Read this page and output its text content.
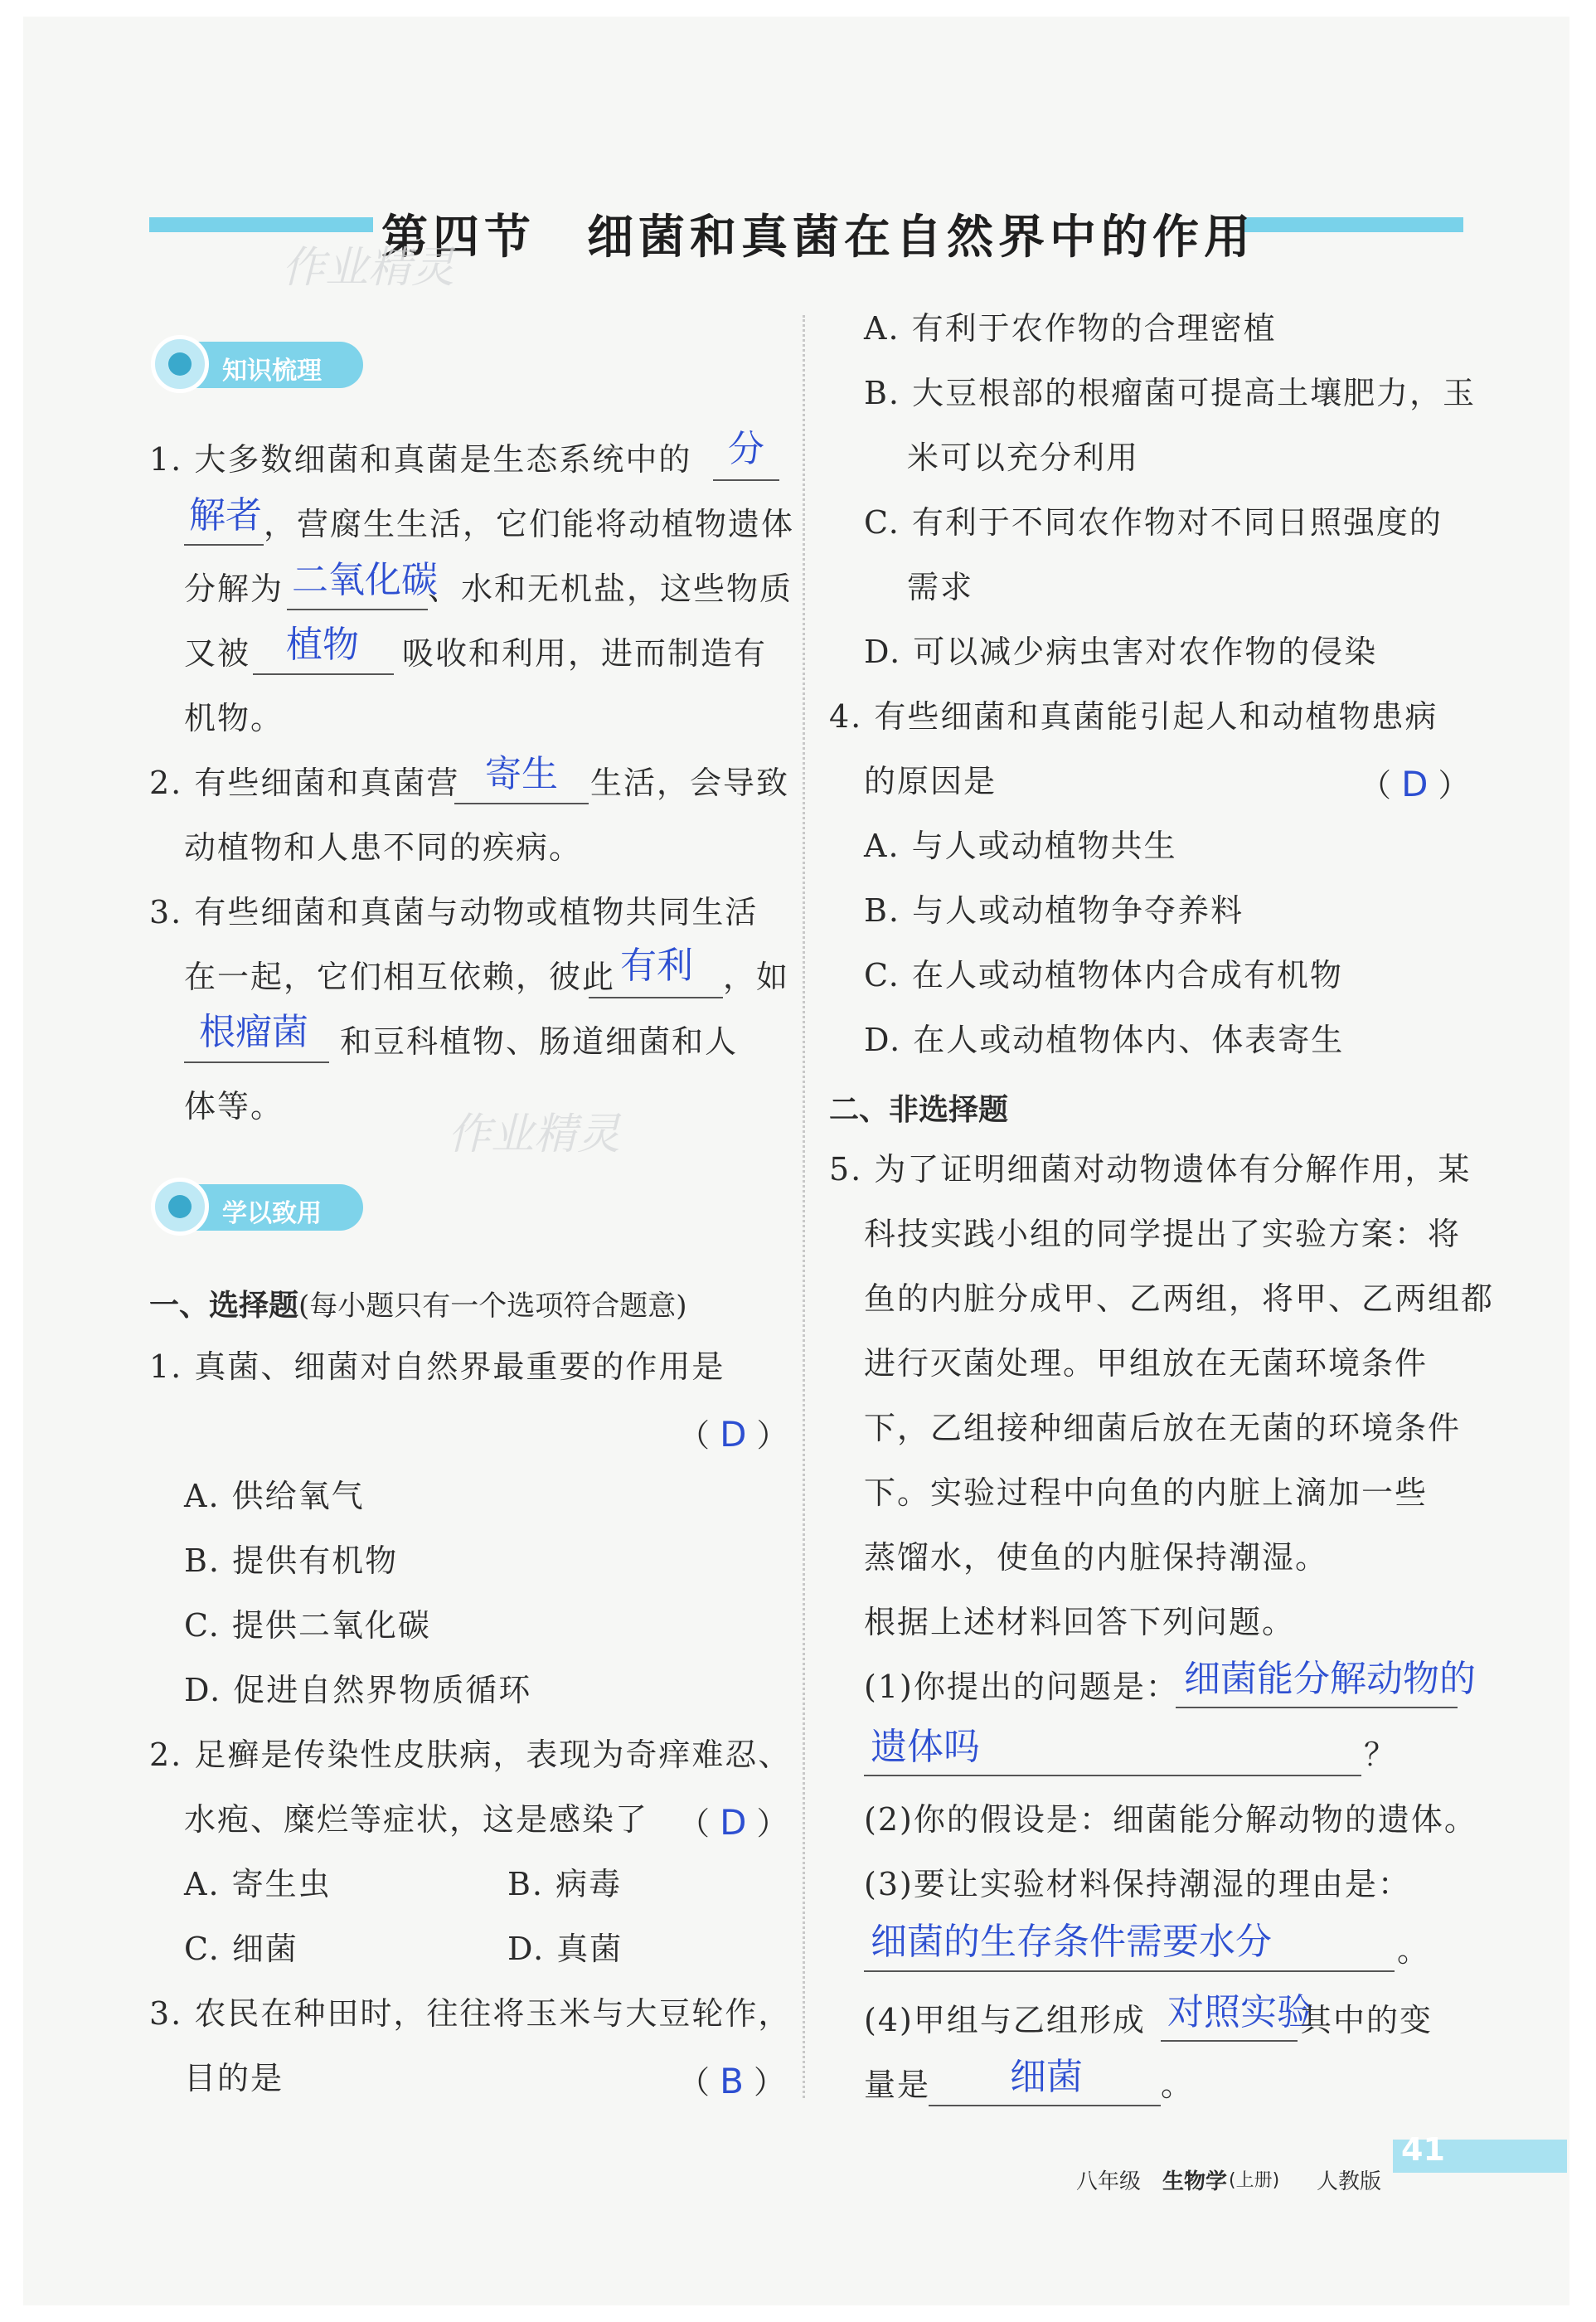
第四节　细菌和真菌在自然界中的作用
作业精灵
知识梳理
1. 大多数细菌和真菌是生态系统中的 分
解者 ，营腐生生活，它们能将动植物遗体
分解为 二氧化碳
、水和无机盐，这些物质
又被 植物 吸收和利用，进而制造有
机物。
2. 有些细菌和真菌营 寄生 生活，会导致
动植物和人患不同的疾病。
3. 有些细菌和真菌与动物或植物共同生活
在一起，它们相互依赖，彼此 有利 ，如
根瘤菌 和豆科植物、肠道细菌和人
体等。
作业精灵
学以致用
一、选择题(每小题只有一个选项符合题意)
1. 真菌、细菌对自然界最重要的作用是
（ D ）
A. 供给氧气
B. 提供有机物
C. 提供二氧化碳
D. 促进自然界物质循环
2. 足癣是传染性皮肤病，表现为奇痒难忍、
水疱、糜烂等症状，这是感染了 （ D ）
A. 寄生虫	B. 病毒
C. 细菌	D. 真菌
3. 农民在种田时，往往将玉米与大豆轮作，
目的是	（ B ）
A. 有利于农作物的合理密植
B. 大豆根部的根瘤菌可提高土壤肥力，玉
米可以充分利用
C. 有利于不同农作物对不同日照强度的
需求
D. 可以减少病虫害对农作物的侵染
4. 有些细菌和真菌能引起人和动植物患病
的原因是	（ D ）
A. 与人或动植物共生
B. 与人或动植物争夺养料
C. 在人或动植物体内合成有机物
D. 在人或动植物体内、体表寄生
二、非选择题
5. 为了证明细菌对动物遗体有分解作用，某
科技实践小组的同学提出了实验方案：将
鱼的内脏分成甲、乙两组，将甲、乙两组都
进行灭菌处理。甲组放在无菌环境条件
下，乙组接种细菌后放在无菌的环境条件
下。实验过程中向鱼的内脏上滴加一些
蒸馏水，使鱼的内脏保持潮湿。
根据上述材料回答下列问题。
(1)你提出的问题是： 细菌能分解动物的
遗体吗	？
(2)你的假设是：细菌能分解动物的遗体。
(3)要让实验材料保持潮湿的理由是：
细菌的生存条件需要水分	。
(4)甲组与乙组形成 对照实验
其中的变
量是 细菌 。
八年级 生物学 (上册) 人教版
41
